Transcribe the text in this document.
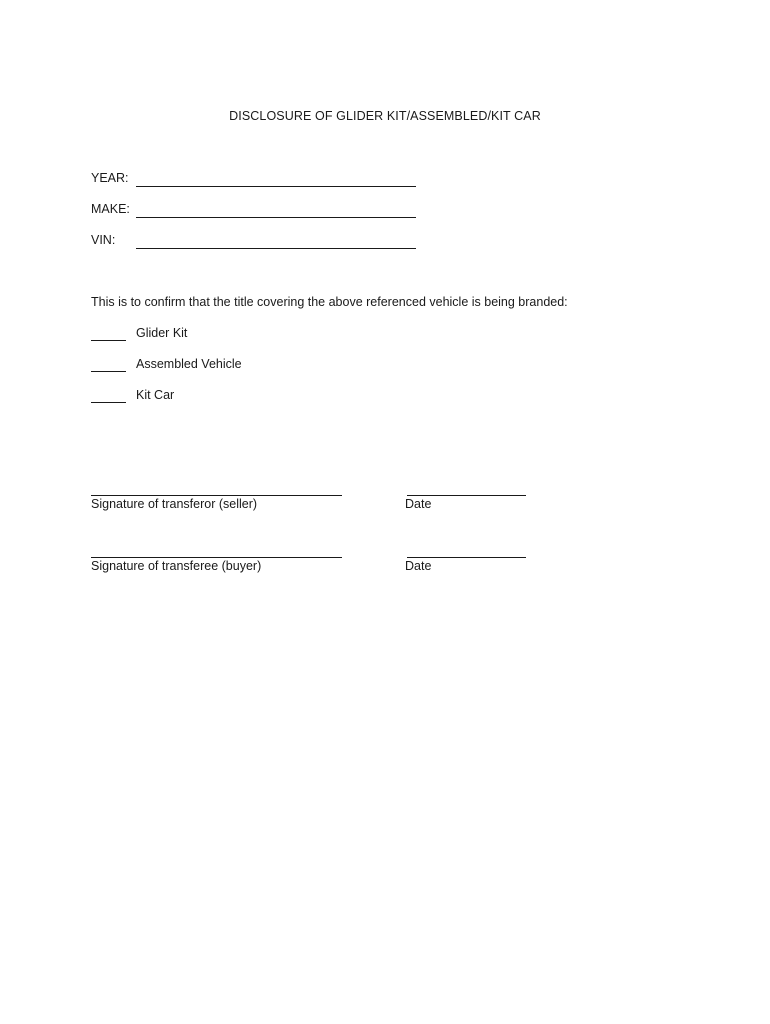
DISCLOSURE OF GLIDER KIT/ASSEMBLED/KIT CAR
YEAR:
MAKE:
VIN:
This is to confirm that the title covering the above referenced vehicle is being branded:
Glider Kit
Assembled Vehicle
Kit Car
Signature of transferor (seller)	Date
Signature of transferee (buyer)	Date
